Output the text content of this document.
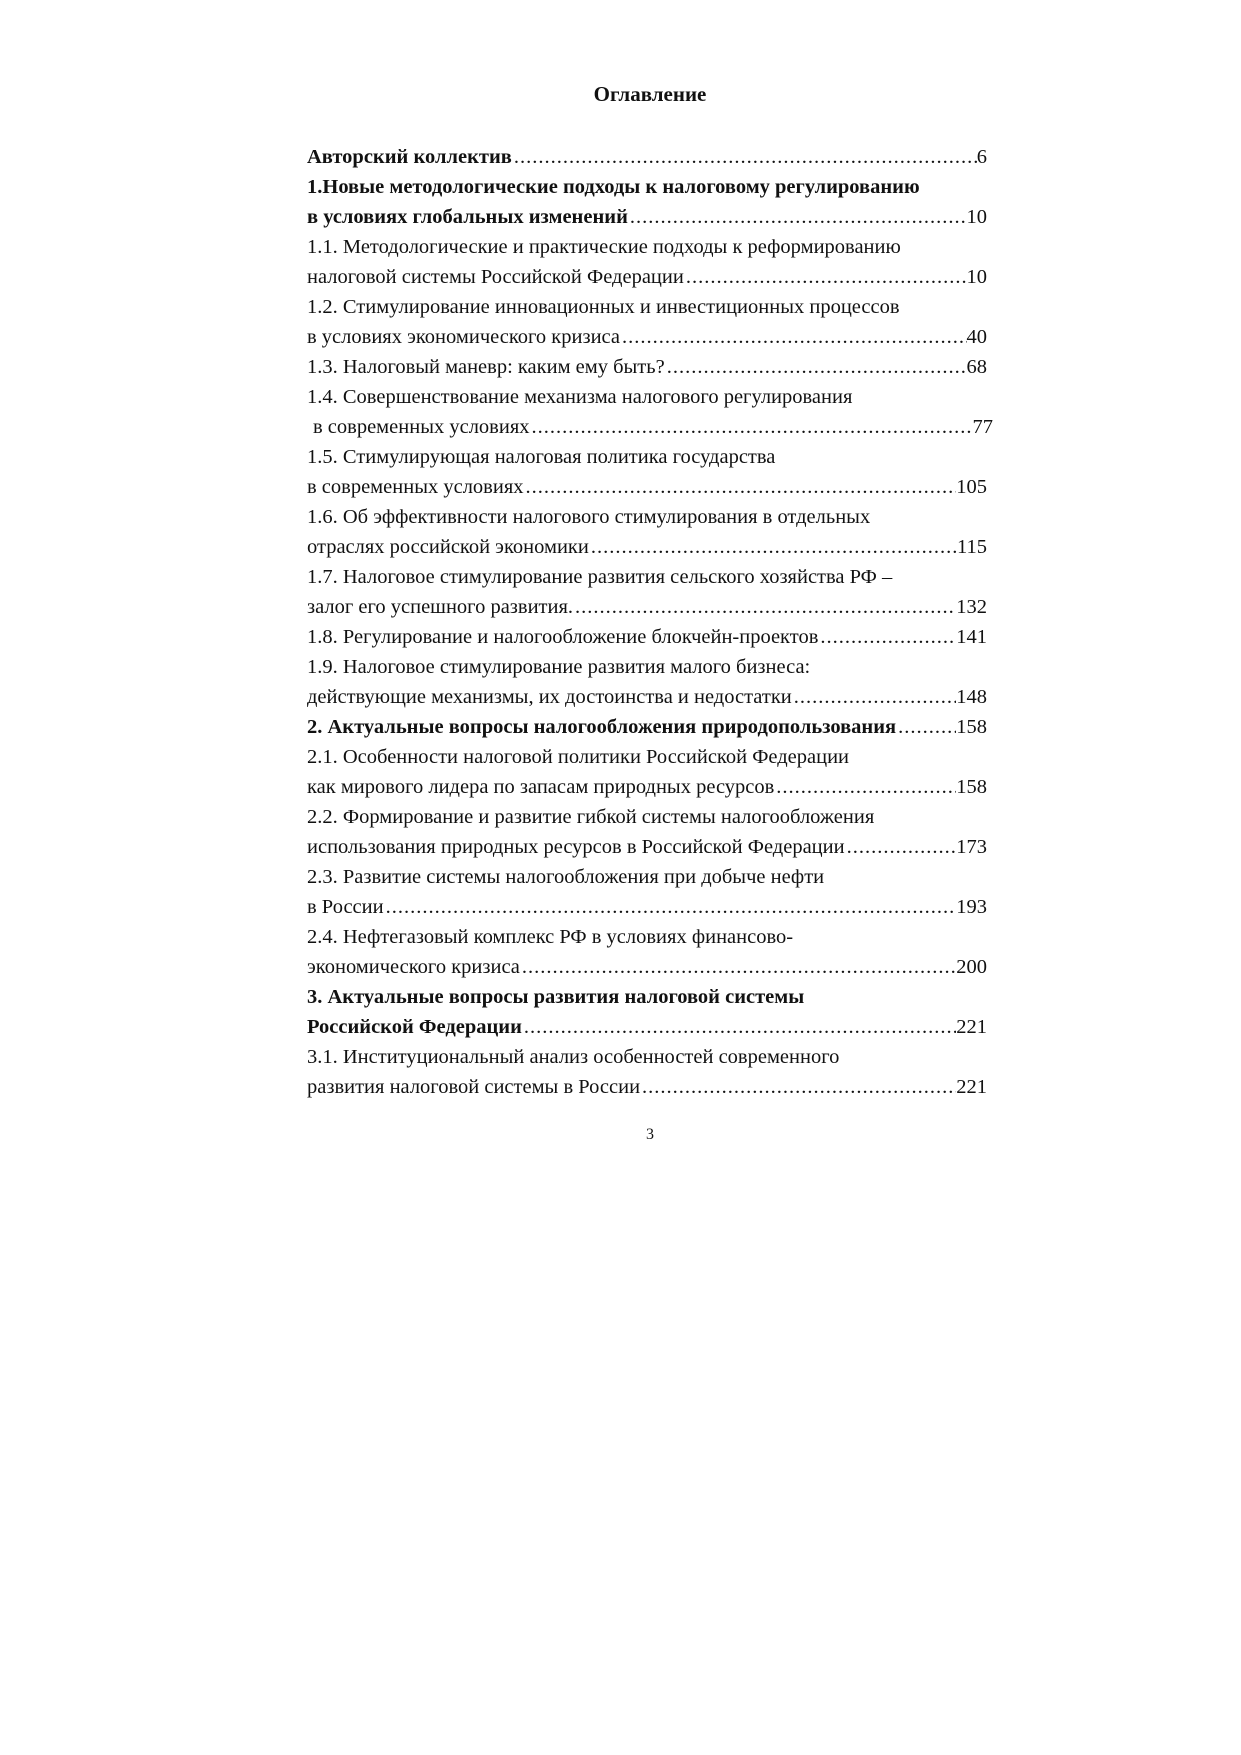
Оглавление
Авторский коллектив .....	6
1.Новые методологические подходы к налоговому регулированию
в условиях глобальных изменений .....	10
1.1. Методологические и практические подходы к реформированию
налоговой системы Российской Федерации .....	10
1.2. Стимулирование инновационных и инвестиционных процессов
в условиях экономического кризиса .....	40
1.3. Налоговый маневр: каким ему быть? .....	68
1.4. Совершенствование механизма налогового регулирования
в современных условиях .....	77
1.5. Стимулирующая налоговая политика государства
в современных условиях .....	105
1.6. Об эффективности налогового стимулирования в отдельных
отраслях российской экономики .....	115
1.7. Налоговое стимулирование развития сельского хозяйства РФ –
залог его успешного развития. .....	132
1.8. Регулирование и налогообложение блокчейн-проектов .....	141
1.9. Налоговое стимулирование развития малого бизнеса:
действующие механизмы, их достоинства и недостатки .....	148
2. Актуальные вопросы налогообложения природопользования .....	158
2.1. Особенности налоговой политики Российской Федерации
как мирового лидера по запасам природных ресурсов .....	158
2.2. Формирование и развитие гибкой системы налогообложения
использования природных ресурсов в Российской Федерации .....	173
2.3. Развитие системы налогообложения при добыче нефти
в России .....	193
2.4. Нефтегазовый комплекс РФ в условиях финансово-
экономического кризиса .....	200
3. Актуальные вопросы развития налоговой системы
Российской Федерации .....	221
3.1. Институциональный анализ особенностей современного
развития налоговой системы в России .....	221
3
